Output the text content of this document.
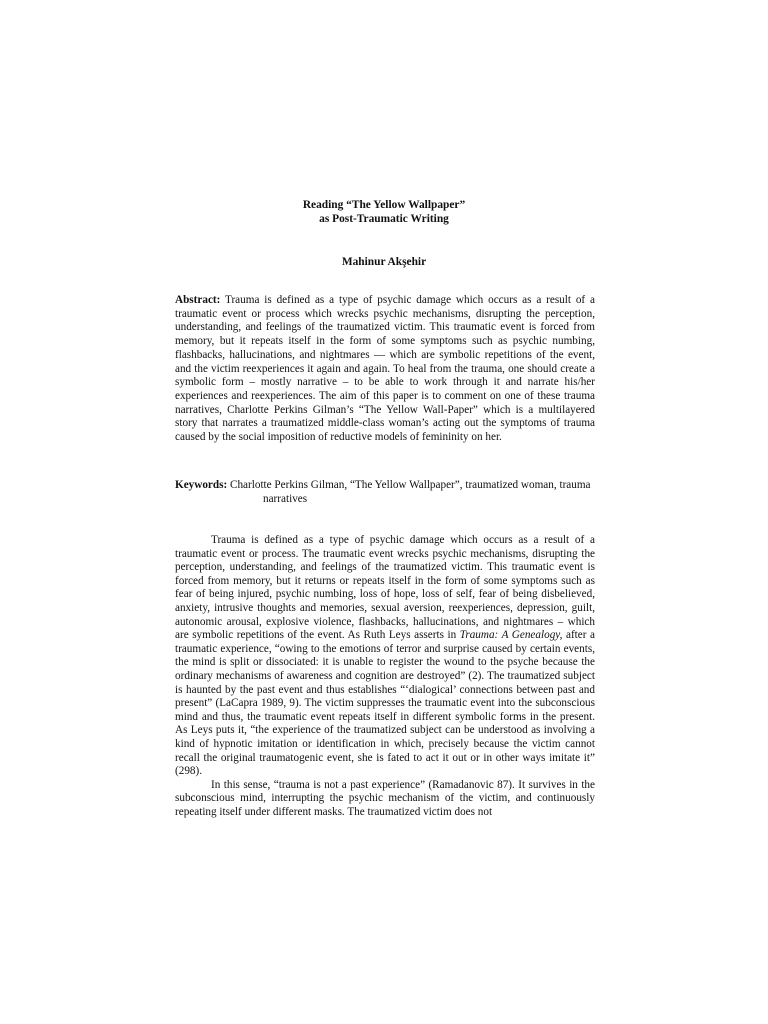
Reading “The Yellow Wallpaper”
as Post-Traumatic Writing
Mahinur Akşehir

Abstract: Trauma is defined as a type of psychic damage which occurs as a result of a traumatic event or process which wrecks psychic mechanisms, disrupting the perception, understanding, and feelings of the traumatized victim. This traumatic event is forced from memory, but it repeats itself in the form of some symptoms such as psychic numbing, flashbacks, hallucinations, and nightmares — which are symbolic repetitions of the event, and the victim reexperiences it again and again. To heal from the trauma, one should create a symbolic form – mostly narrative – to be able to work through it and narrate his/her experiences and reexperiences. The aim of this paper is to comment on one of these trauma narratives, Charlotte Perkins Gilman’s “The Yellow Wall-Paper” which is a multilayered story that narrates a traumatized middle-class woman’s acting out the symptoms of trauma caused by the social imposition of reductive models of femininity on her.

Keywords: Charlotte Perkins Gilman, “The Yellow Wallpaper”, traumatized woman, trauma narratives

Trauma is defined as a type of psychic damage which occurs as a result of a traumatic event or process. The traumatic event wrecks psychic mechanisms, disrupting the perception, understanding, and feelings of the traumatized victim. This traumatic event is forced from memory, but it returns or repeats itself in the form of some symptoms such as fear of being injured, psychic numbing, loss of hope, loss of self, fear of being disbelieved, anxiety, intrusive thoughts and memories, sexual aversion, reexperiences, depression, guilt, autonomic arousal, explosive violence, flashbacks, hallucinations, and nightmares – which are symbolic repetitions of the event. As Ruth Leys asserts in Trauma: A Genealogy, after a traumatic experience, “owing to the emotions of terror and surprise caused by certain events, the mind is split or dissociated: it is unable to register the wound to the psyche because the ordinary mechanisms of awareness and cognition are destroyed” (2). The traumatized subject is haunted by the past event and thus establishes “‘dialogical’ connections between past and present” (LaCapra 1989, 9). The victim suppresses the traumatic event into the subconscious mind and thus, the traumatic event repeats itself in different symbolic forms in the present. As Leys puts it, “the experience of the traumatized subject can be understood as involving a kind of hypnotic imitation or identification in which, precisely because the victim cannot recall the original traumatogenic event, she is fated to act it out or in other ways imitate it” (298).

In this sense, “trauma is not a past experience” (Ramadanovic 87). It survives in the subconscious mind, interrupting the psychic mechanism of the victim, and continuously repeating itself under different masks. The traumatized victim does not
